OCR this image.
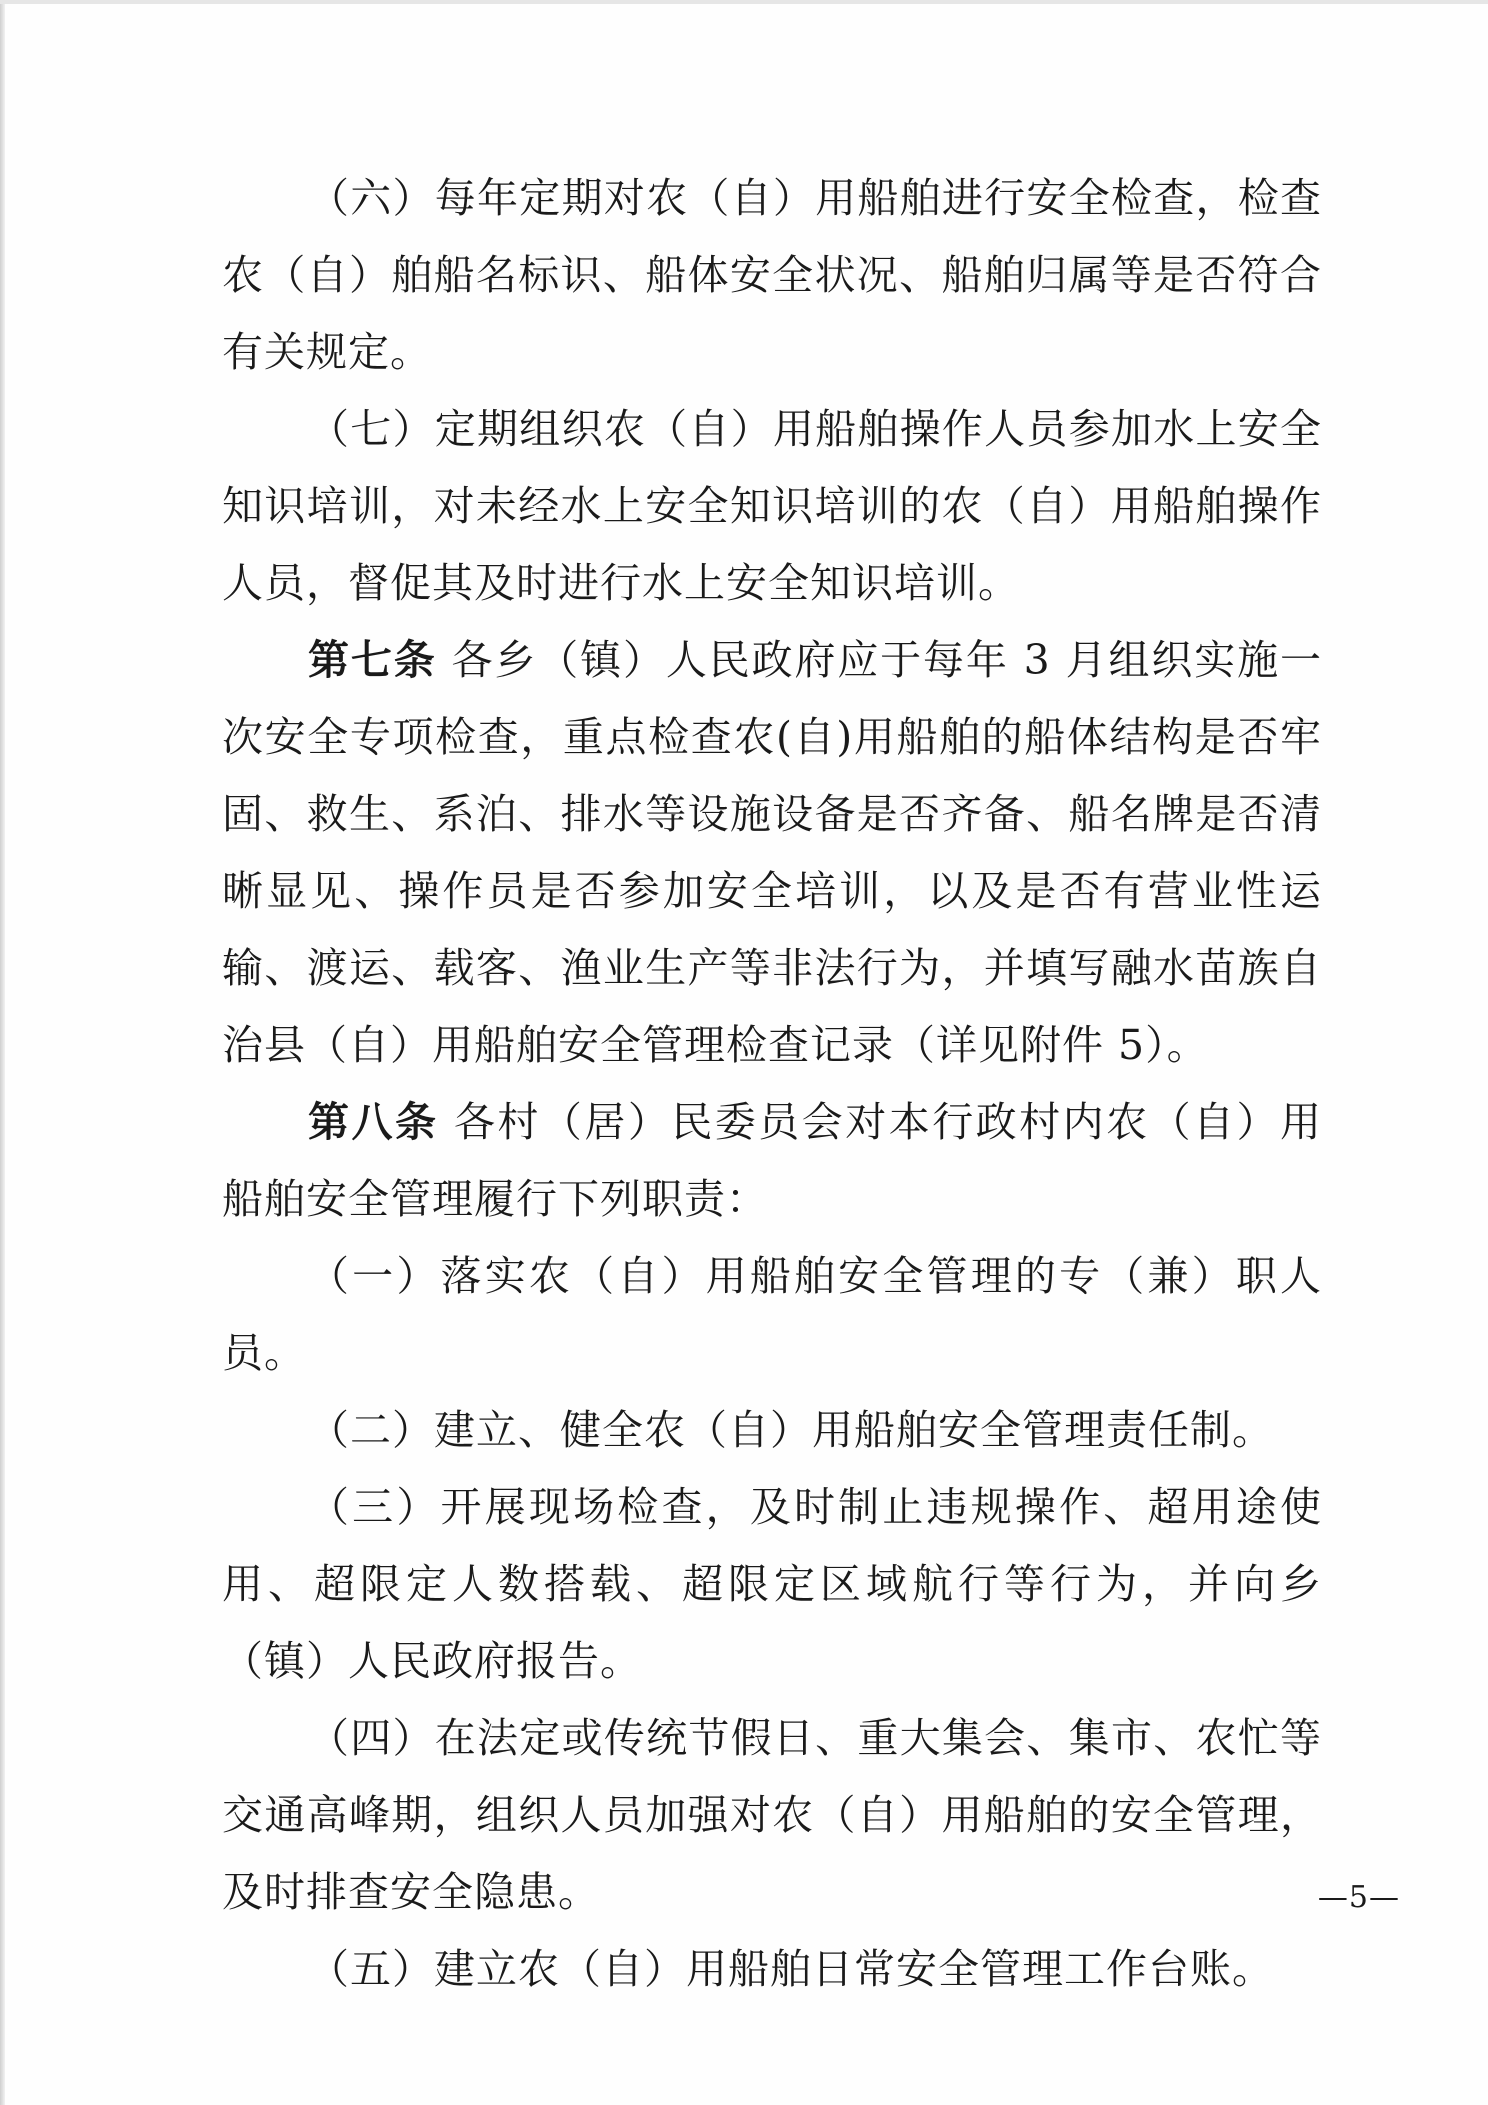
（六）每年定期对农（自）用船舶进行安全检查，检查农（自）舶船名标识、船体安全状况、船舶归属等是否符合有关规定。

（七）定期组织农（自）用船舶操作人员参加水上安全知识培训，对未经水上安全知识培训的农（自）用船舶操作人员，督促其及时进行水上安全知识培训。

第七条 各乡（镇）人民政府应于每年 3 月组织实施一次安全专项检查，重点检查农(自)用船舶的船体结构是否牢固、救生、系泊、排水等设施设备是否齐备、船名牌是否清晰显见、操作员是否参加安全培训，以及是否有营业性运输、渡运、载客、渔业生产等非法行为，并填写融水苗族自治县（自）用船舶安全管理检查记录（详见附件 5）。

第八条 各村（居）民委员会对本行政村内农（自）用船舶安全管理履行下列职责：

（一）落实农（自）用船舶安全管理的专（兼）职人员。

（二）建立、健全农（自）用船舶安全管理责任制。

（三）开展现场检查，及时制止违规操作、超用途使用、超限定人数搭载、超限定区域航行等行为，并向乡（镇）人民政府报告。

（四）在法定或传统节假日、重大集会、集市、农忙等交通高峰期，组织人员加强对农（自）用船舶的安全管理，及时排查安全隐患。

（五）建立农（自）用船舶日常安全管理工作台账。

—5—
